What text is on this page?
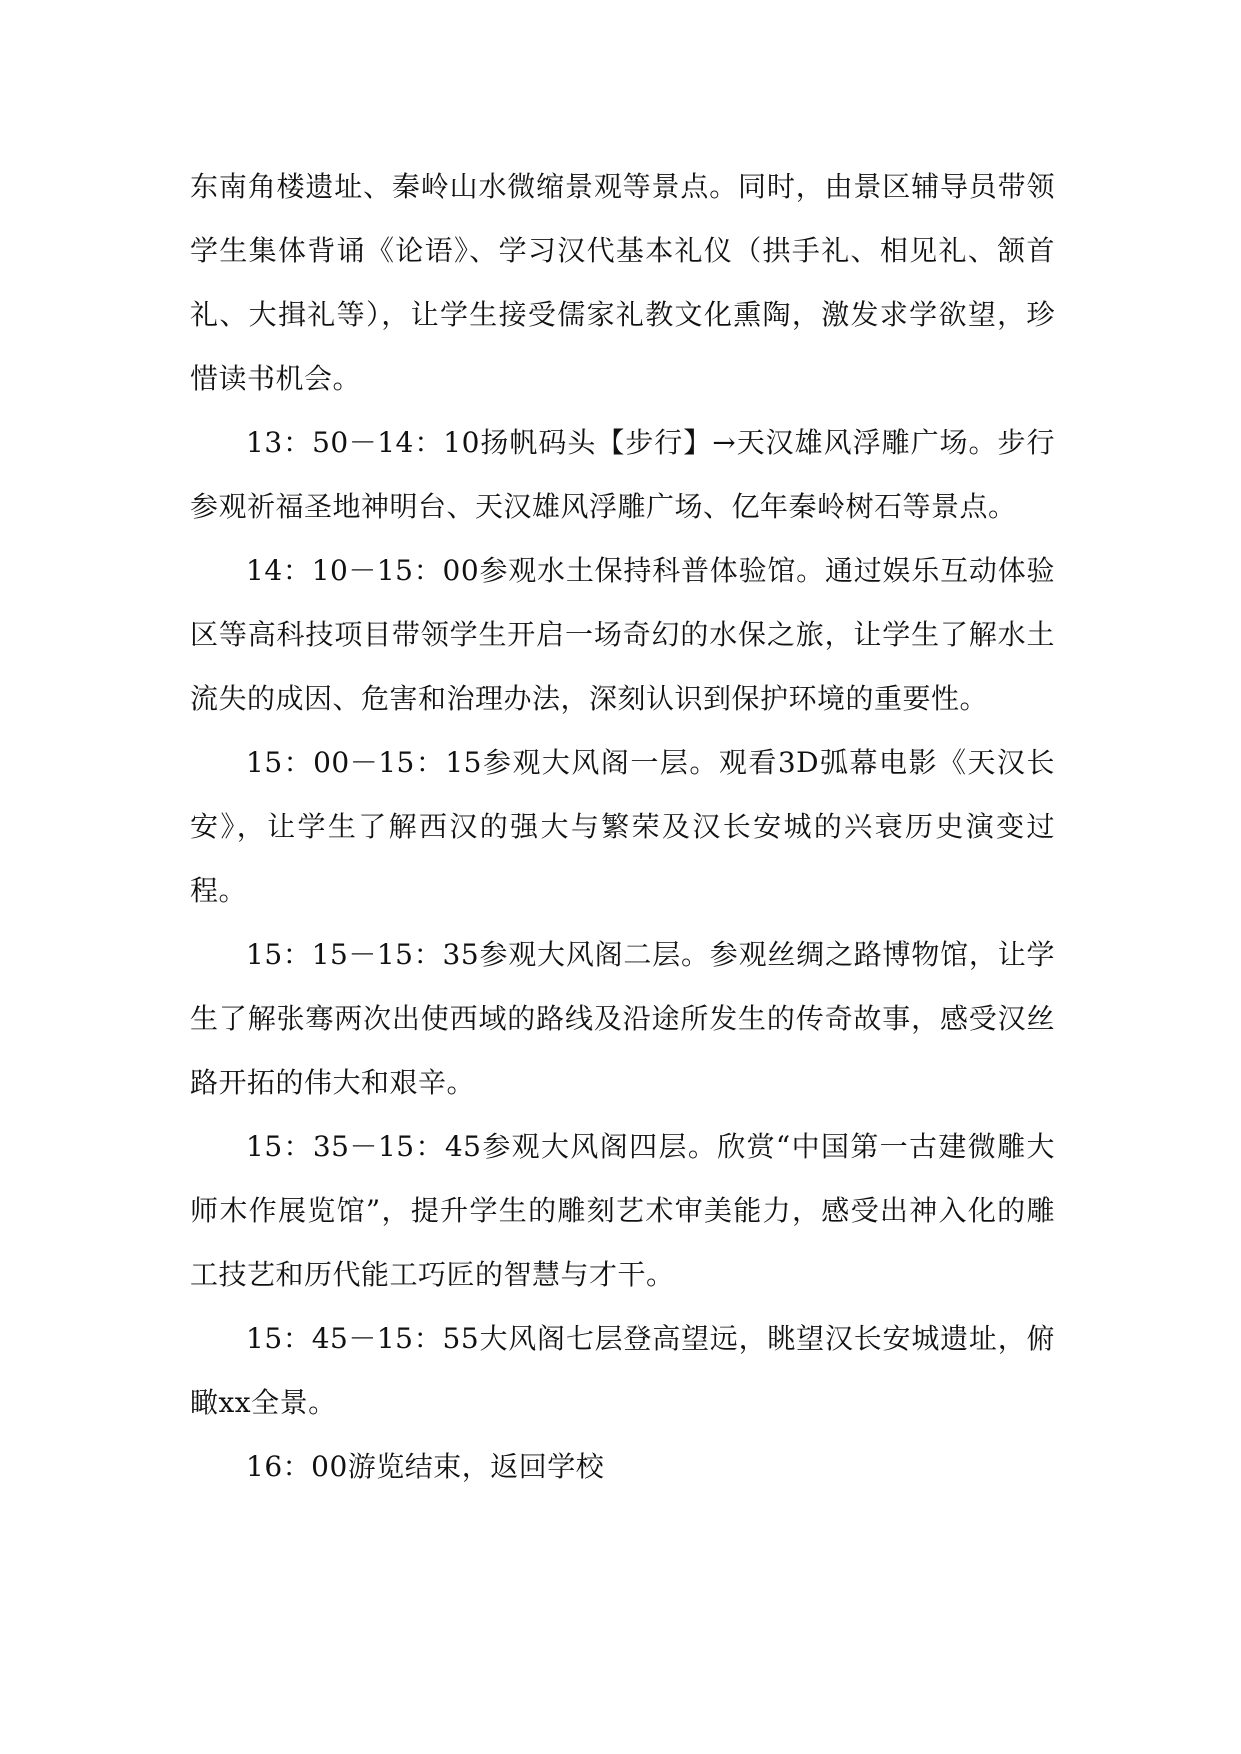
东南角楼遗址、秦岭山水微缩景观等景点。同时，由景区辅导员带领学生集体背诵《论语》、学习汉代基本礼仪（拱手礼、相见礼、颔首礼、大揖礼等），让学生接受儒家礼教文化熏陶，激发求学欲望，珍惜读书机会。

13：50－14：10扬帆码头【步行】→天汉雄风浮雕广场。步行参观祈福圣地神明台、天汉雄风浮雕广场、亿年秦岭树石等景点。

14：10－15：00参观水土保持科普体验馆。通过娱乐互动体验区等高科技项目带领学生开启一场奇幻的水保之旅，让学生了解水土流失的成因、危害和治理办法，深刻认识到保护环境的重要性。

15：00－15：15参观大风阁一层。观看3D弧幕电影《天汉长安》，让学生了解西汉的强大与繁荣及汉长安城的兴衰历史演变过程。

15：15－15：35参观大风阁二层。参观丝绸之路博物馆，让学生了解张骞两次出使西域的路线及沿途所发生的传奇故事，感受汉丝路开拓的伟大和艰辛。

15：35－15：45参观大风阁四层。欣赏“中国第一古建微雕大师木作展览馆”，提升学生的雕刻艺术审美能力，感受出神入化的雕工技艺和历代能工巧匠的智慧与才干。

15：45－15：55大风阁七层登高望远，眺望汉长安城遗址，俯瞰xx全景。

16：00游览结束，返回学校
